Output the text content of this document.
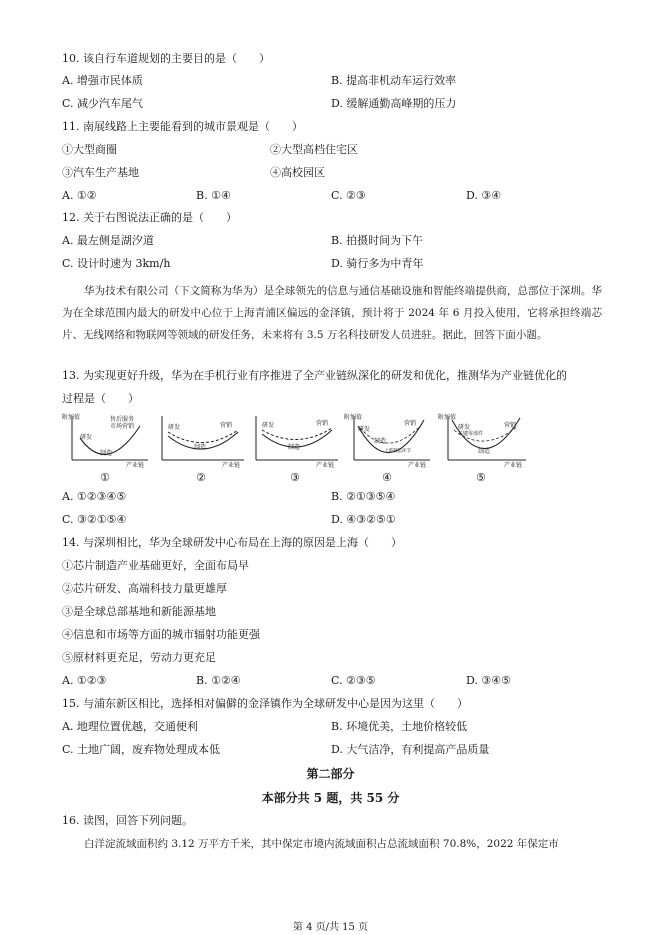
10. 该自行车道规划的主要目的是（　　）
A. 增强市民体质	B. 提高非机动车运行效率
C. 减少汽车尾气	D. 缓解通勤高峰期的压力
11. 南展线路上主要能看到的城市景观是（　　）
①大型商圈	②大型高档住宅区
③汽车生产基地	④高校园区
A. ①②	B. ①④	C. ②③	D. ③④
12. 关于右图说法正确的是（　　）
A. 最左侧是湖汐道	B. 拍摄时间为下午
C. 设计时速为 3km/h	D. 骑行多为中青年
华为技术有限公司（下文简称为华为）是全球领先的信息与通信基础设施和智能终端提供商，总部位于深圳。华为在全球范围内最大的研发中心位于上海青浦区偏远的金泽镇，预计将于 2024 年 6 月投入使用，它将承担终端芯片、无线网络和物联网等领域的研发任务，未来将有 3.5 万名科技研发人员进驻。据此，回答下面小题。
13. 为实现更好升级，华为在手机行业有序推进了全产业链纵深化的研发和优化，推测华为产业链优化的
过程是（　　）
附加值
研发
制造
售后服务
市场营销
产业链
①
研发
制造
营销
产业链
②
研发	营销
制造
产业链
③
附加值
研发
营销
制造
上游制造环节
产业链
④
附加值
研发
关键零部件
营销
制造
产业链
⑤
A. ①②③④⑤	B. ②①③⑤④
C. ③②①⑤④	D. ④③②⑤①
14. 与深圳相比，华为全球研发中心布局在上海的原因是上海（　　）
①芯片制造产业基础更好，全面布局早
②芯片研发、高端科技力量更雄厚
③是全球总部基地和新能源基地
④信息和市场等方面的城市辐射功能更强
⑤原材料更充足，劳动力更充足
A. ①②③	B. ①②④	C. ②③⑤	D. ③④⑤
15. 与浦东新区相比，选择相对偏僻的金泽镇作为全球研发中心是因为这里（　　）
A. 地理位置优越，交通便利	B. 环境优美，土地价格较低
C. 土地广阔，废弃物处理成本低	D. 大气洁净，有利提高产品质量
第二部分
本部分共 5 题，共 55 分
16. 读图，回答下列问题。
白洋淀流域面积约 3.12 万平方千米，其中保定市境内流域面积占总流域面积 70.8%，2022 年保定市
第 4 页/共 15 页
